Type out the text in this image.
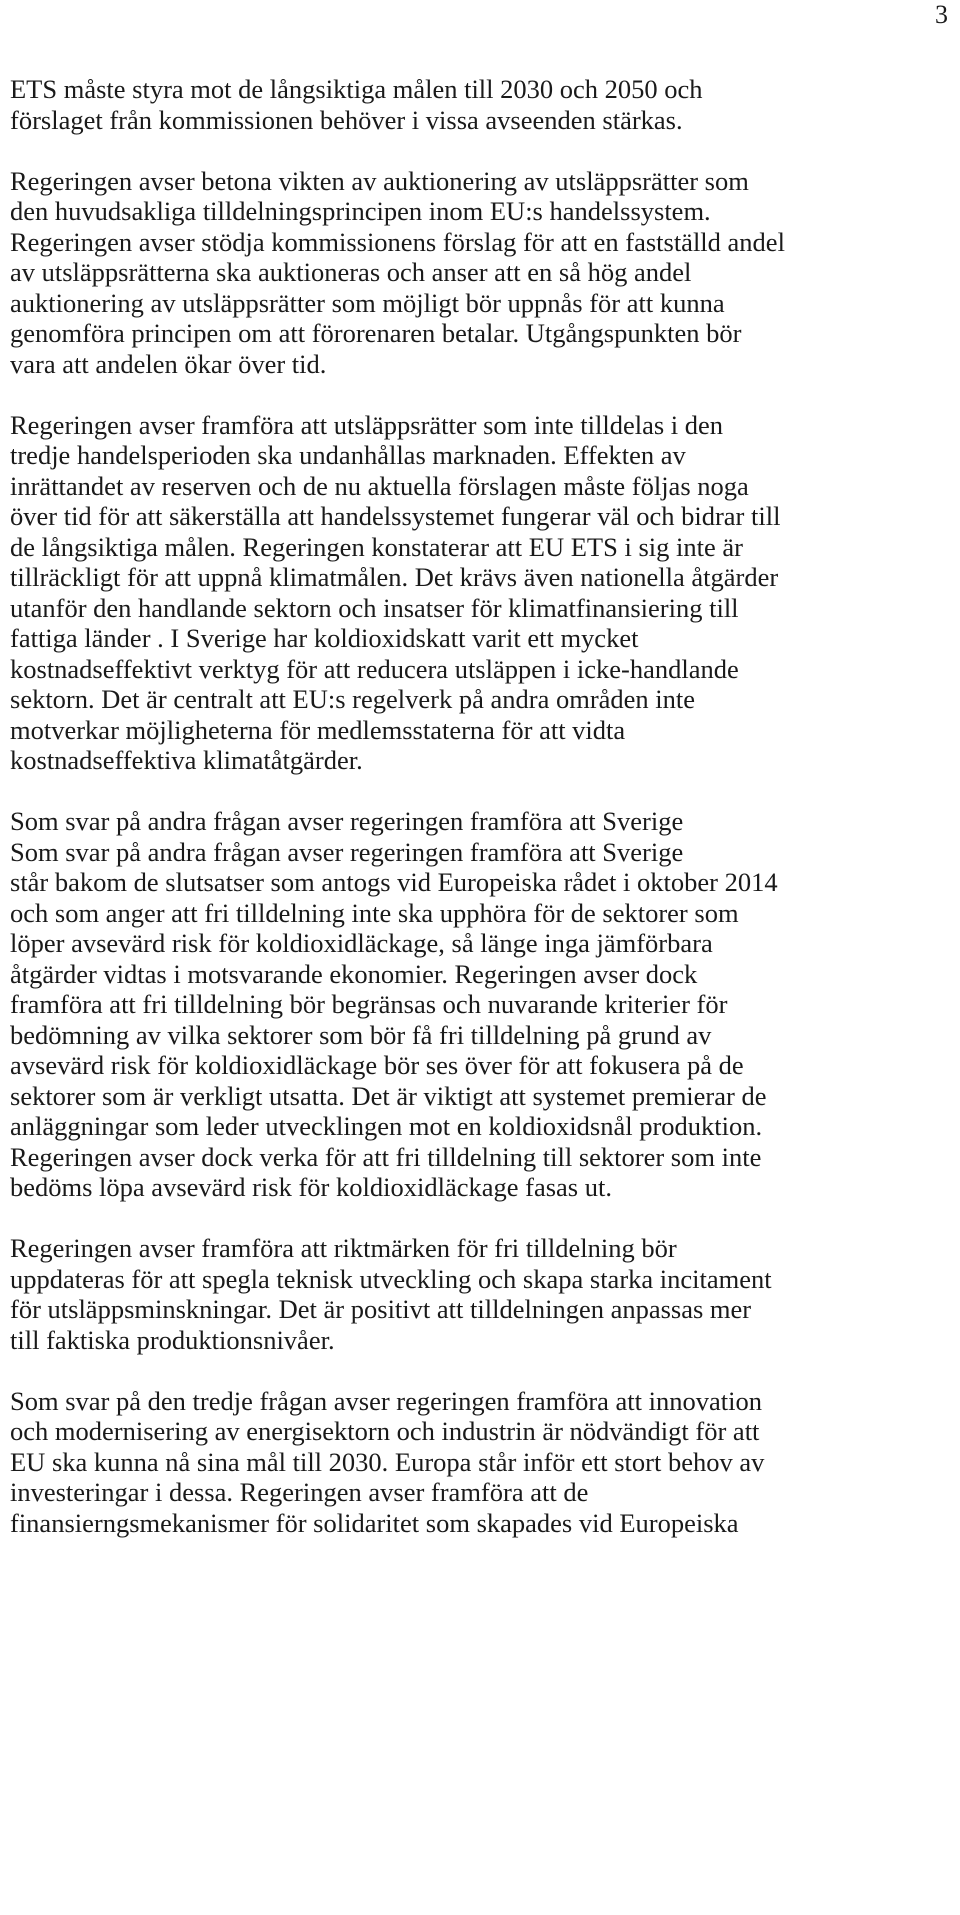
3
ETS måste styra mot de långsiktiga målen till 2030 och 2050 och
förslaget från kommissionen behöver i vissa avseenden stärkas.
Regeringen avser betona vikten av auktionering av utsläppsrätter som
den huvudsakliga tilldelningsprincipen inom EU:s handelssystem.
Regeringen avser stödja kommissionens förslag för att en fastställd andel
av utsläppsrätterna ska auktioneras och anser att en så hög andel
auktionering av utsläppsrätter som möjligt bör uppnås för att kunna
genomföra principen om att förorenaren betalar. Utgångspunkten bör
vara att andelen ökar över tid.
Regeringen avser framföra att utsläppsrätter som inte tilldelas i den
tredje handelsperioden ska undanhållas marknaden. Effekten av
inrättandet av reserven och de nu aktuella förslagen måste följas noga
över tid för att säkerställa att handelssystemet fungerar väl och bidrar till
de långsiktiga målen. Regeringen konstaterar att EU ETS i sig inte är
tillräckligt för att uppnå klimatmålen. Det krävs även nationella åtgärder
utanför den handlande sektorn och insatser för klimatfinansiering till
fattiga länder . I Sverige har koldioxidskatt varit ett mycket
kostnadseffektivt verktyg för att reducera utsläppen i icke-handlande
sektorn. Det är centralt att EU:s regelverk på andra områden inte
motverkar möjligheterna för medlemsstaterna för att vidta
kostnadseffektiva klimatåtgärder.
Som svar på andra frågan avser regeringen framföra att Sverige
Som svar på andra frågan avser regeringen framföra att Sverige
står bakom de slutsatser som antogs vid Europeiska rådet i oktober 2014
och som anger att fri tilldelning inte ska upphöra för de sektorer som
löper avsevärd risk för koldioxidläckage, så länge inga jämförbara
åtgärder vidtas i motsvarande ekonomier. Regeringen avser dock
framföra att fri tilldelning bör begränsas och nuvarande kriterier för
bedömning av vilka sektorer som bör få fri tilldelning på grund av
avsevärd risk för koldioxidläckage bör ses över för att fokusera på de
sektorer som är verkligt utsatta. Det är viktigt att systemet premierar de
anläggningar som leder utvecklingen mot en koldioxidsnål produktion.
Regeringen avser dock verka för att fri tilldelning till sektorer som inte
bedöms löpa avsevärd risk för koldioxidläckage fasas ut.
Regeringen avser framföra att riktmärken för fri tilldelning bör
uppdateras för att spegla teknisk utveckling och skapa starka incitament
för utsläppsminskningar. Det är positivt att tilldelningen anpassas mer
till faktiska produktionsnivåer.
Som svar på den tredje frågan avser regeringen framföra att innovation
och modernisering av energisektorn och industrin är nödvändigt för att
EU ska kunna nå sina mål till 2030. Europa står inför ett stort behov av
investeringar i dessa. Regeringen avser framföra att de
finansierngsmekanismer för solidaritet som skapades vid Europeiska
